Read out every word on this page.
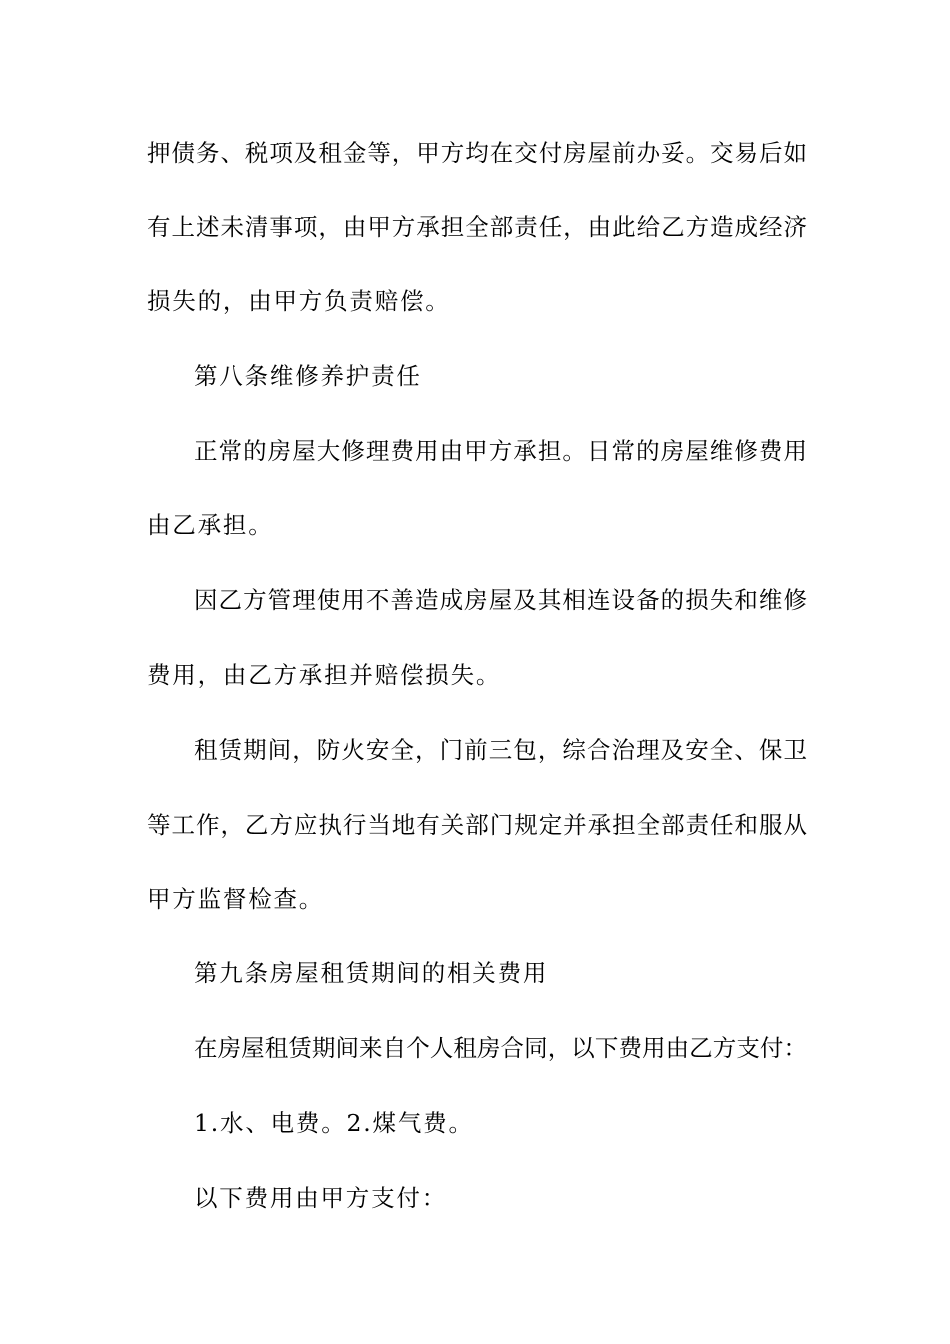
押债务、税项及租金等，甲方均在交付房屋前办妥。交易后如
有上述未清事项，由甲方承担全部责任，由此给乙方造成经济
损失的，由甲方负责赔偿。
第八条维修养护责任
正常的房屋大修理费用由甲方承担。日常的房屋维修费用
由乙承担。
因乙方管理使用不善造成房屋及其相连设备的损失和维修
费用，由乙方承担并赔偿损失。
租赁期间，防火安全，门前三包，综合治理及安全、保卫
等工作，乙方应执行当地有关部门规定并承担全部责任和服从
甲方监督检查。
第九条房屋租赁期间的相关费用
在房屋租赁期间来自个人租房合同，以下费用由乙方支付：
1.水、电费。2.煤气费。
以下费用由甲方支付：
